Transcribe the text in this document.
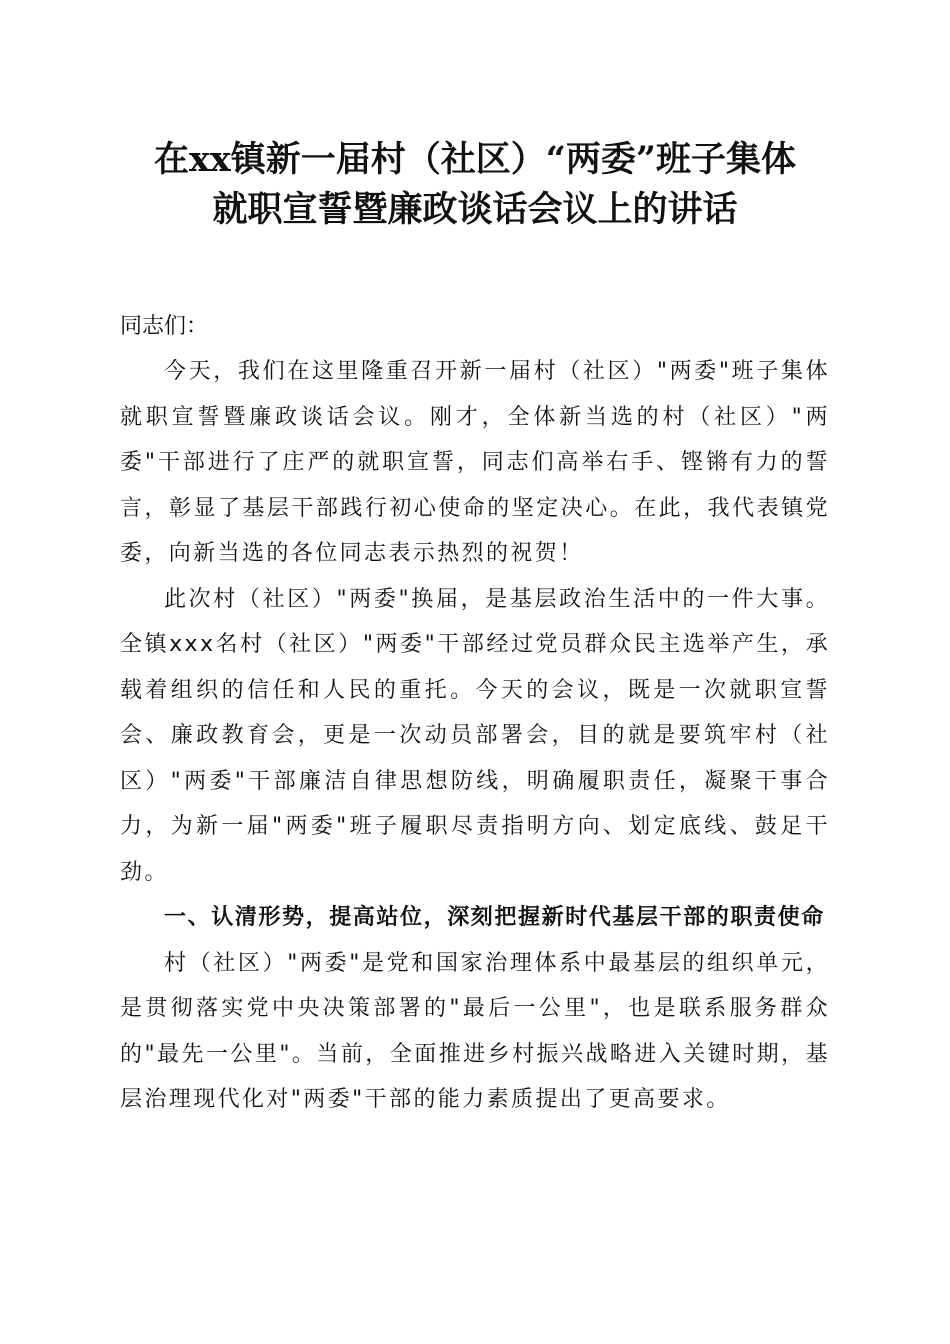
在xx镇新一届村（社区）“两委”班子集体
就职宣誓暨廉政谈话会议上的讲话

同志们：

今天，我们在这里隆重召开新一届村（社区）"两委"班子集体就职宣誓暨廉政谈话会议。刚才，全体新当选的村（社区）"两委"干部进行了庄严的就职宣誓，同志们高举右手、铿锵有力的誓言，彰显了基层干部践行初心使命的坚定决心。在此，我代表镇党委，向新当选的各位同志表示热烈的祝贺！

此次村（社区）"两委"换届，是基层政治生活中的一件大事。全镇xxx名村（社区）"两委"干部经过党员群众民主选举产生，承载着组织的信任和人民的重托。今天的会议，既是一次就职宣誓会、廉政教育会，更是一次动员部署会，目的就是要筑牢村（社区）"两委"干部廉洁自律思想防线，明确履职责任，凝聚干事合力，为新一届"两委"班子履职尽责指明方向、划定底线、鼓足干劲。

一、认清形势，提高站位，深刻把握新时代基层干部的职责使命

村（社区）"两委"是党和国家治理体系中最基层的组织单元，是贯彻落实党中央决策部署的"最后一公里"，也是联系服务群众的"最先一公里"。当前，全面推进乡村振兴战略进入关键时期，基层治理现代化对"两委"干部的能力素质提出了更高要求。
